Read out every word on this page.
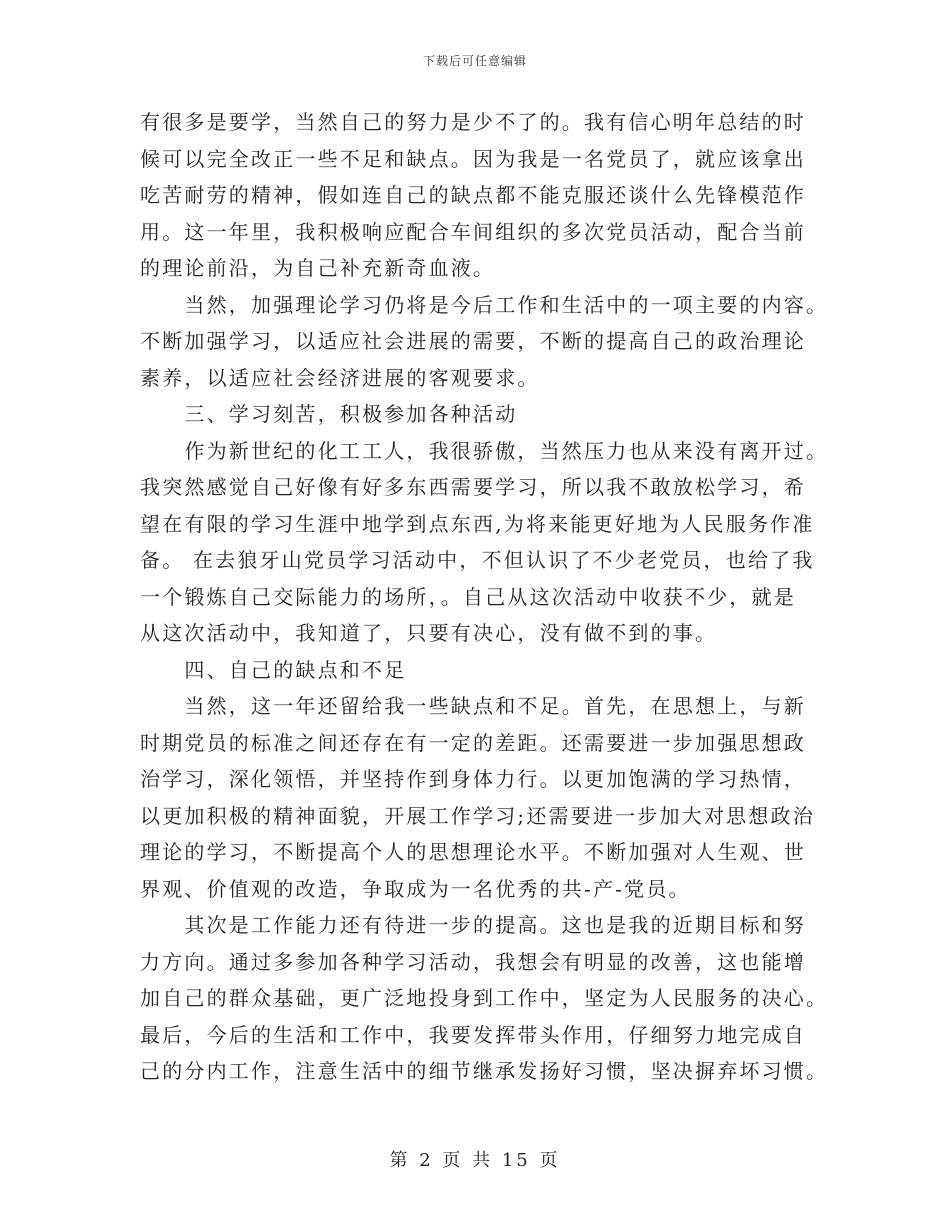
下载后可任意编辑
有很多是要学，当然自己的努力是少不了的。我有信心明年总结的时
候可以完全改正一些不足和缺点。因为我是一名党员了，就应该拿出
吃苦耐劳的精神，假如连自己的缺点都不能克服还谈什么先锋模范作
用。这一年里，我积极响应配合车间组织的多次党员活动，配合当前
的理论前沿，为自己补充新奇血液。
　　当然，加强理论学习仍将是今后工作和生活中的一项主要的内容。
不断加强学习，以适应社会进展的需要，不断的提高自己的政治理论
素养，以适应社会经济进展的客观要求。
　　三、学习刻苦，积极参加各种活动
　　作为新世纪的化工工人，我很骄傲，当然压力也从来没有离开过。
我突然感觉自己好像有好多东西需要学习，所以我不敢放松学习，希
望在有限的学习生涯中地学到点东西,为将来能更好地为人民服务作准
备。 在去狼牙山党员学习活动中，不但认识了不少老党员，也给了我
一个锻炼自己交际能力的场所，。自己从这次活动中收获不少，就是
从这次活动中，我知道了，只要有决心，没有做不到的事。
　　四、自己的缺点和不足
　　当然，这一年还留给我一些缺点和不足。首先，在思想上，与新
时期党员的标准之间还存在有一定的差距。还需要进一步加强思想政
治学习，深化领悟，并坚持作到身体力行。以更加饱满的学习热情，
以更加积极的精神面貌，开展工作学习;还需要进一步加大对思想政治
理论的学习，不断提高个人的思想理论水平。不断加强对人生观、世
界观、价值观的改造，争取成为一名优秀的共-产-党员。
　　其次是工作能力还有待进一步的提高。这也是我的近期目标和努
力方向。通过多参加各种学习活动，我想会有明显的改善，这也能增
加自己的群众基础，更广泛地投身到工作中，坚定为人民服务的决心。
最后，今后的生活和工作中，我要发挥带头作用，仔细努力地完成自
己的分内工作，注意生活中的细节继承发扬好习惯，坚决摒弃坏习惯。
第 2 页 共 15 页
